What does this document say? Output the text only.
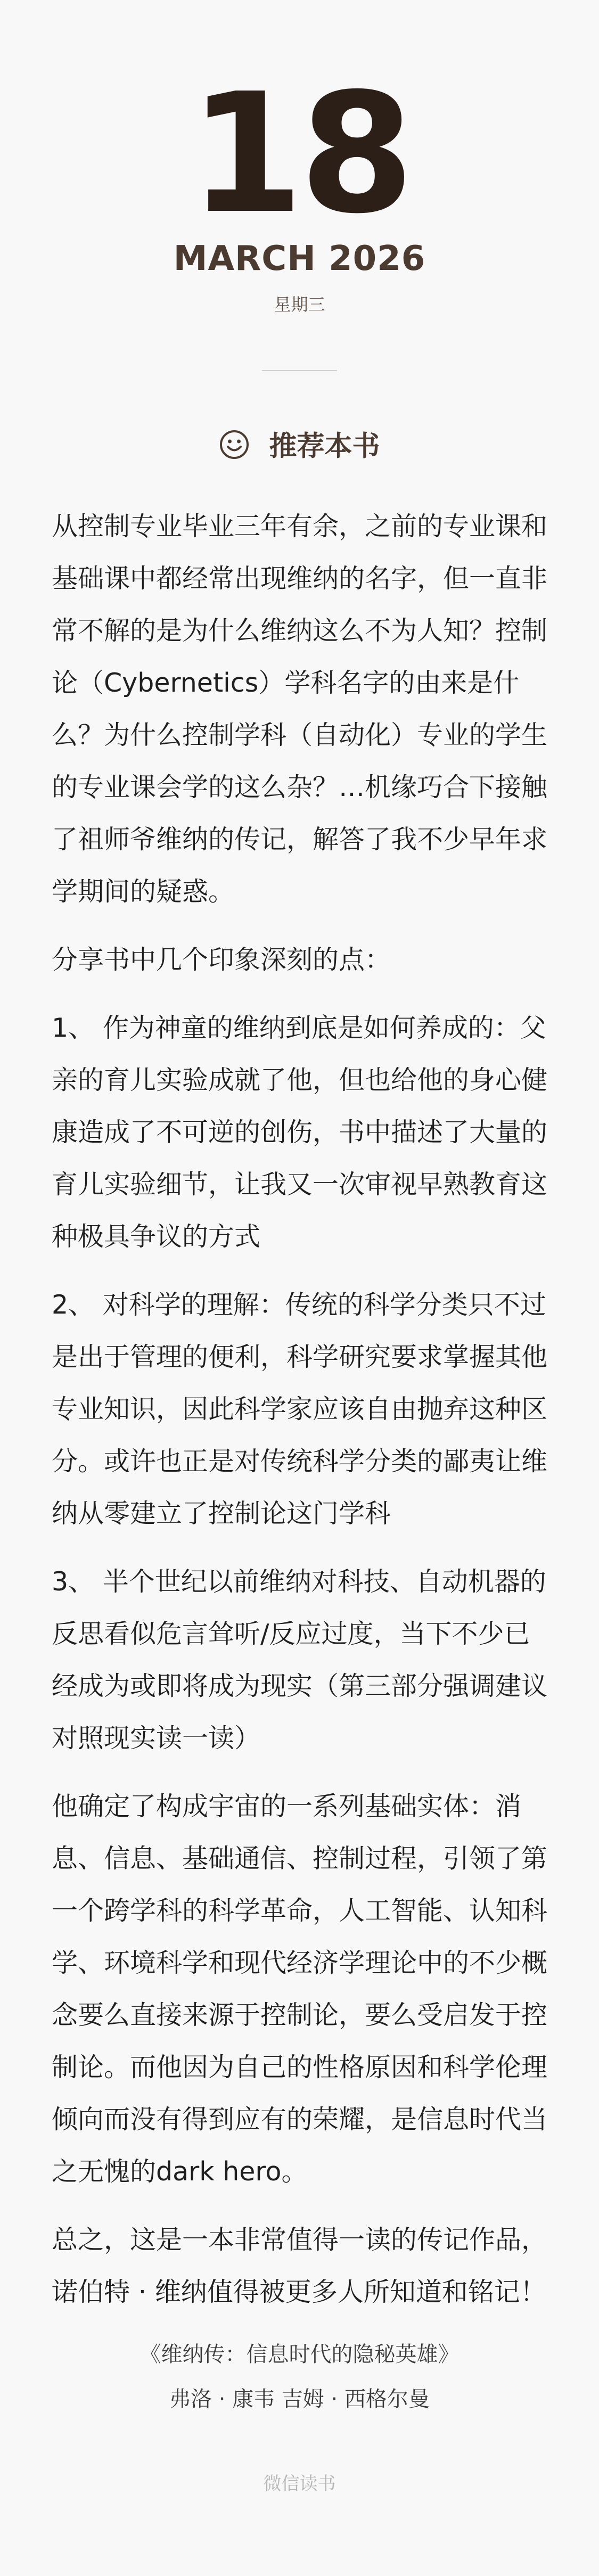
18
MARCH 2026
星期三
推荐本书

从控制专业毕业三年有余，之前的专业课和基础课中都经常出现维纳的名字，但一直非常不解的是为什么维纳这么不为人知？控制论（Cybernetics）学科名字的由来是什么？为什么控制学科（自动化）专业的学生的专业课会学的这么杂？…机缘巧合下接触了祖师爷维纳的传记，解答了我不少早年求学期间的疑惑。

分享书中几个印象深刻的点：

1、 作为神童的维纳到底是如何养成的：父亲的育儿实验成就了他，但也给他的身心健康造成了不可逆的创伤，书中描述了大量的育儿实验细节，让我又一次审视早熟教育这种极具争议的方式

2、 对科学的理解：传统的科学分类只不过是出于管理的便利，科学研究要求掌握其他专业知识，因此科学家应该自由抛弃这种区分。或许也正是对传统科学分类的鄙夷让维纳从零建立了控制论这门学科

3、 半个世纪以前维纳对科技、自动机器的反思看似危言耸听/反应过度，当下不少已经成为或即将成为现实（第三部分强调建议对照现实读一读）

他确定了构成宇宙的一系列基础实体：消息、信息、基础通信、控制过程，引领了第一个跨学科的科学革命，人工智能、认知科学、环境科学和现代经济学理论中的不少概念要么直接来源于控制论，要么受启发于控制论。而他因为自己的性格原因和科学伦理倾向而没有得到应有的荣耀，是信息时代当之无愧的dark hero。

总之，这是一本非常值得一读的传记作品，诺伯特 · 维纳值得被更多人所知道和铭记！

《维纳传：信息时代的隐秘英雄》
弗洛 · 康韦 吉姆 · 西格尔曼
微信读书
